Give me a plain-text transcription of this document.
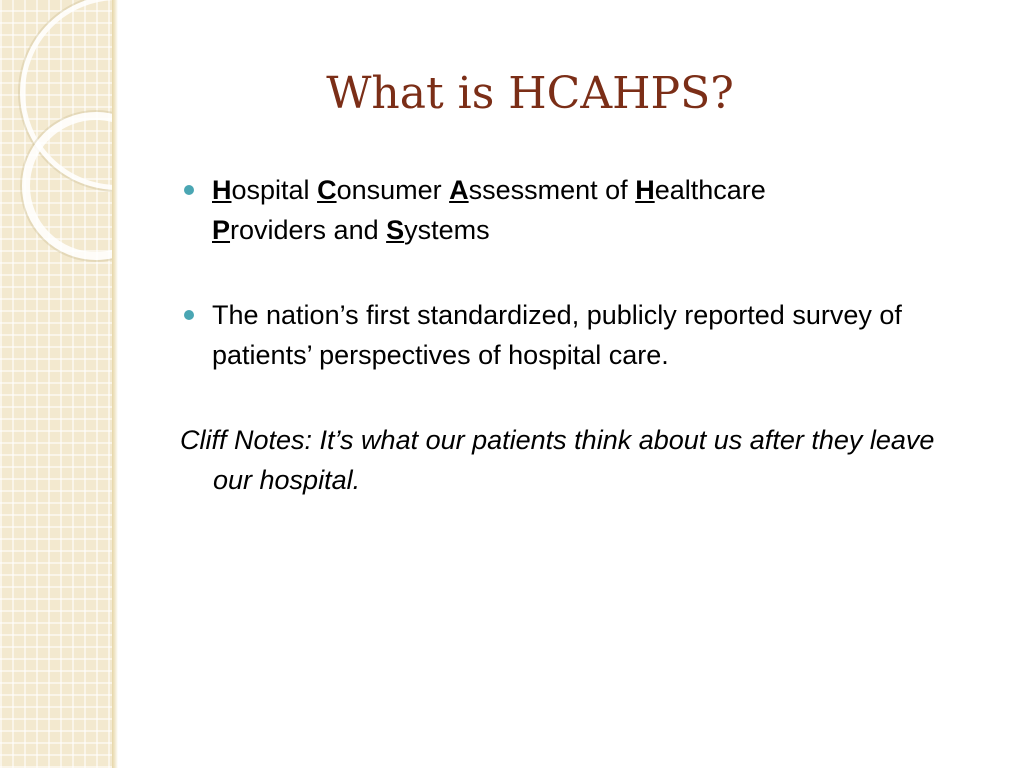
What is HCAHPS?
Hospital Consumer Assessment of Healthcare
Providers and Systems
The nation’s first standardized, publicly reported survey of patients’ perspectives of hospital care.
Cliff Notes: It’s what our patients think about us after they leave our hospital.
